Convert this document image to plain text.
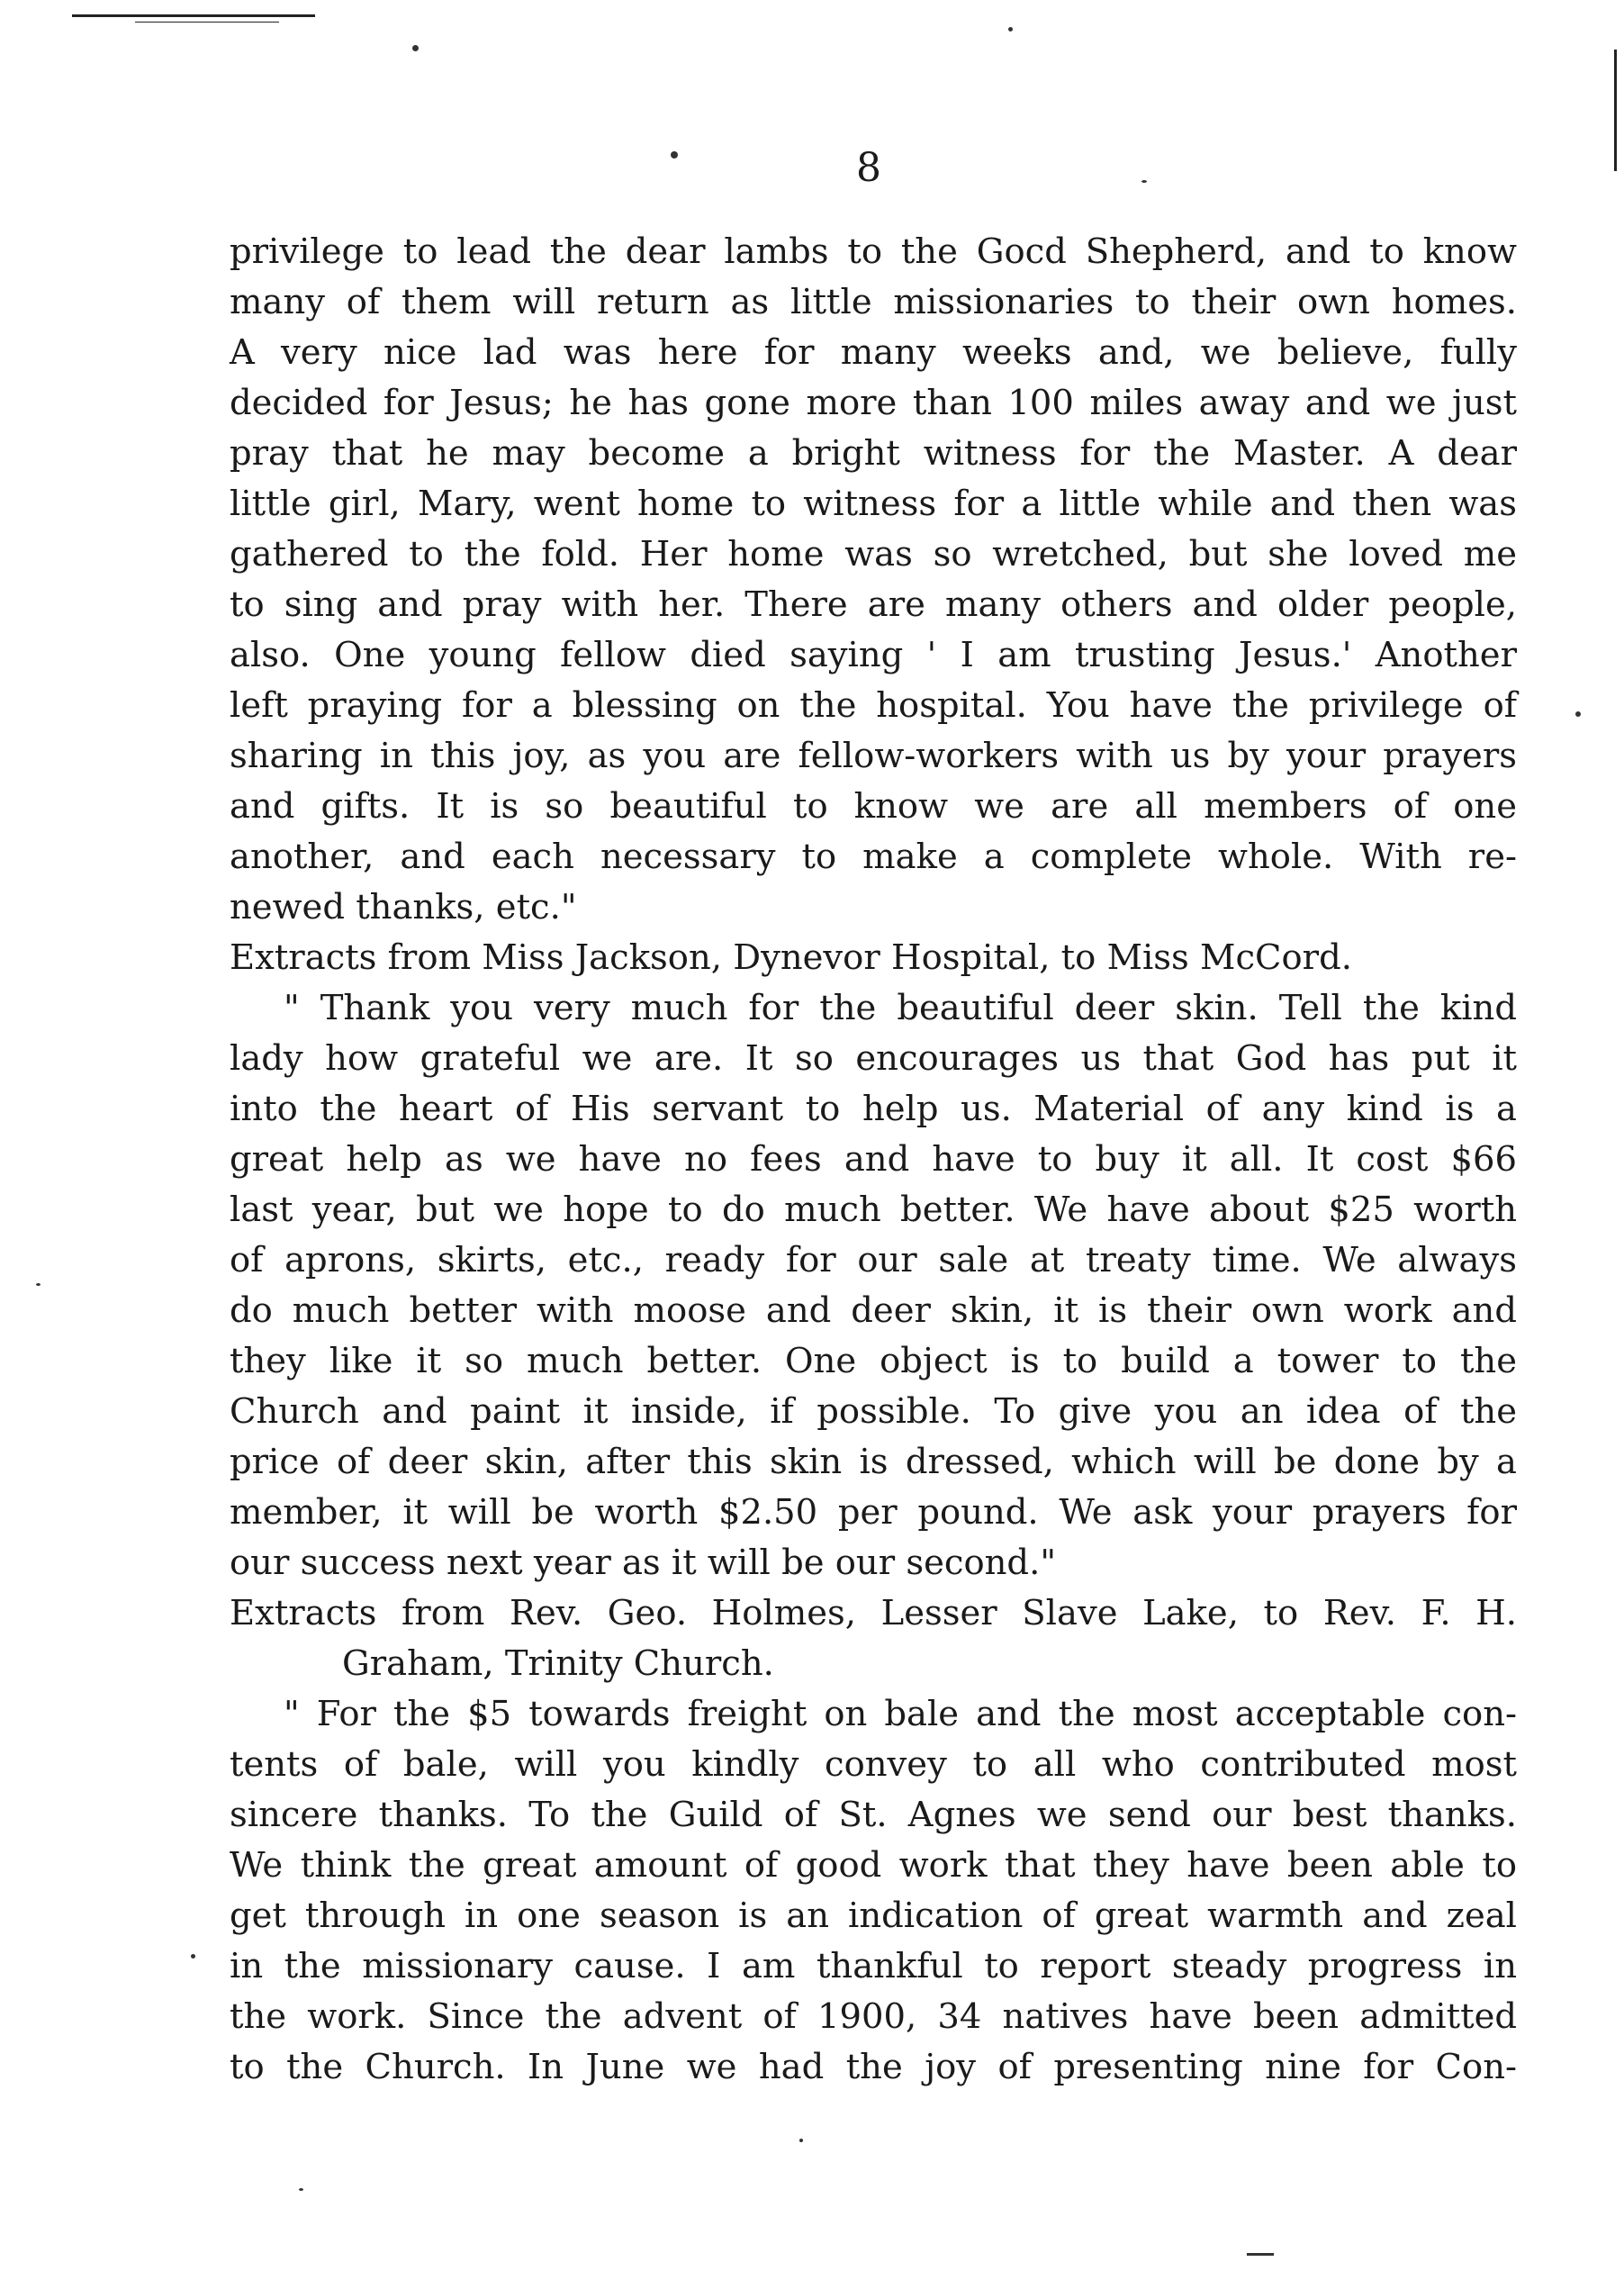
8
privilege to lead the dear lambs to the Gocd Shepherd, and to know
many of them will return as little missionaries to their own homes.
A very nice lad was here for many weeks and, we believe, fully
decided for Jesus; he has gone more than 100 miles away and we just
pray that he may become a bright witness for the Master. A dear
little girl, Mary, went home to witness for a little while and then was
gathered to the fold. Her home was so wretched, but she loved me
to sing and pray with her. There are many others and older people,
also. One young fellow died saying ' I am trusting Jesus.' Another
left praying for a blessing on the hospital. You have the privilege of
sharing in this joy, as you are fellow-workers with us by your prayers
and gifts. It is so beautiful to know we are all members of one
another, and each necessary to make a complete whole. With re-
newed thanks, etc."
Extracts from Miss Jackson, Dynevor Hospital, to Miss McCord.
" Thank you very much for the beautiful deer skin. Tell the kind
lady how grateful we are. It so encourages us that God has put it
into the heart of His servant to help us. Material of any kind is a
great help as we have no fees and have to buy it all. It cost $66
last year, but we hope to do much better. We have about $25 worth
of aprons, skirts, etc., ready for our sale at treaty time. We always
do much better with moose and deer skin, it is their own work and
they like it so much better. One object is to build a tower to the
Church and paint it inside, if possible. To give you an idea of the
price of deer skin, after this skin is dressed, which will be done by a
member, it will be worth $2.50 per pound. We ask your prayers for
our success next year as it will be our second."
Extracts from Rev. Geo. Holmes, Lesser Slave Lake, to Rev. F. H.
Graham, Trinity Church.
" For the $5 towards freight on bale and the most acceptable con-
tents of bale, will you kindly convey to all who contributed most
sincere thanks. To the Guild of St. Agnes we send our best thanks.
We think the great amount of good work that they have been able to
get through in one season is an indication of great warmth and zeal
in the missionary cause. I am thankful to report steady progress in
the work. Since the advent of 1900, 34 natives have been admitted
to the Church. In June we had the joy of presenting nine for Con-
